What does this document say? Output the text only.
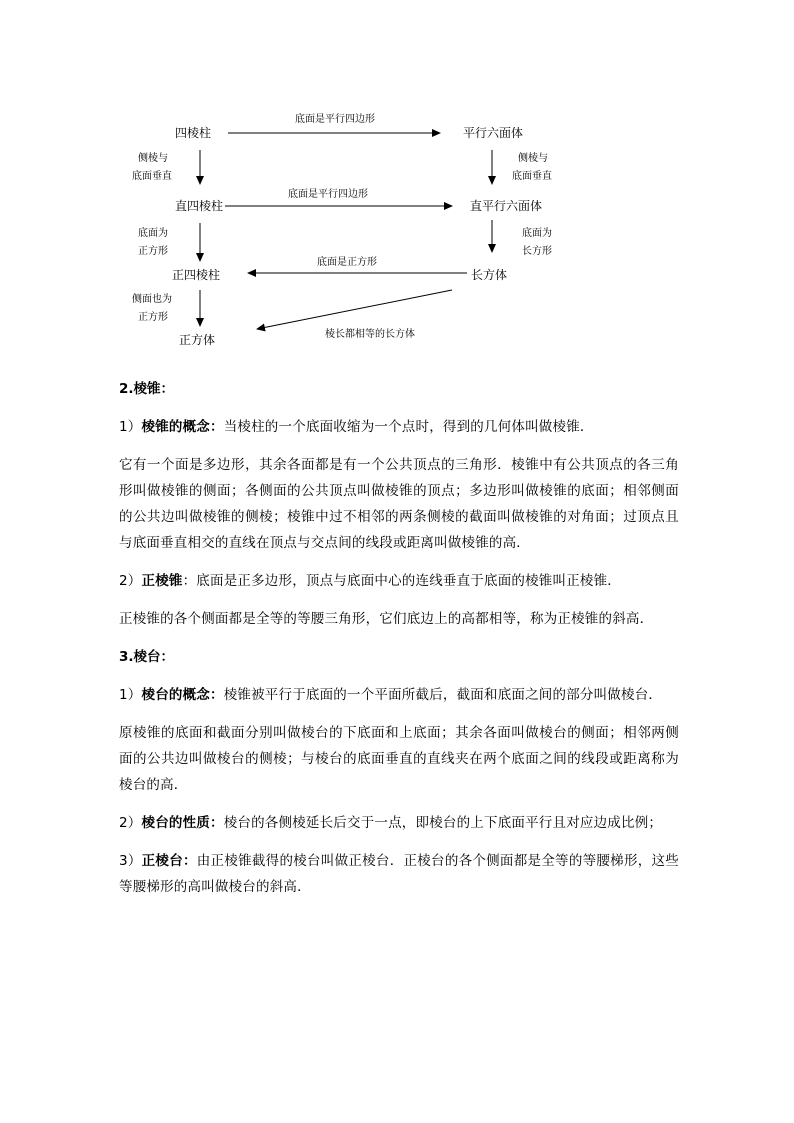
四棱柱	平行六面体
直四棱柱	直平行六面体
正四棱柱	长方体
正方体
底面是平行四边形
底面是平行四边形
底面是正方形
棱长都相等的长方体
侧棱与
底面垂直
侧棱与
底面垂直
底面为
正方形
底面为
长方形
侧面也为
正方形
2.棱锥：

1）棱锥的概念：当棱柱的一个底面收缩为一个点时，得到的几何体叫做棱锥．

它有一个面是多边形，其余各面都是有一个公共顶点的三角形．棱锥中有公共顶点的各三角形叫做棱锥的侧面；各侧面的公共顶点叫做棱锥的顶点；多边形叫做棱锥的底面；相邻侧面的公共边叫做棱锥的侧棱；棱锥中过不相邻的两条侧棱的截面叫做棱锥的对角面；过顶点且与底面垂直相交的直线在顶点与交点间的线段或距离叫做棱锥的高．

2）正棱锥：底面是正多边形，顶点与底面中心的连线垂直于底面的棱锥叫正棱锥．

正棱锥的各个侧面都是全等的等腰三角形，它们底边上的高都相等，称为正棱锥的斜高．

3.棱台：

1）棱台的概念：棱锥被平行于底面的一个平面所截后，截面和底面之间的部分叫做棱台．

原棱锥的底面和截面分别叫做棱台的下底面和上底面；其余各面叫做棱台的侧面；相邻两侧面的公共边叫做棱台的侧棱；与棱台的底面垂直的直线夹在两个底面之间的线段或距离称为棱台的高．

2）棱台的性质：棱台的各侧棱延长后交于一点，即棱台的上下底面平行且对应边成比例；

3）正棱台：由正棱锥截得的棱台叫做正棱台．正棱台的各个侧面都是全等的等腰梯形，这些等腰梯形的高叫做棱台的斜高．
